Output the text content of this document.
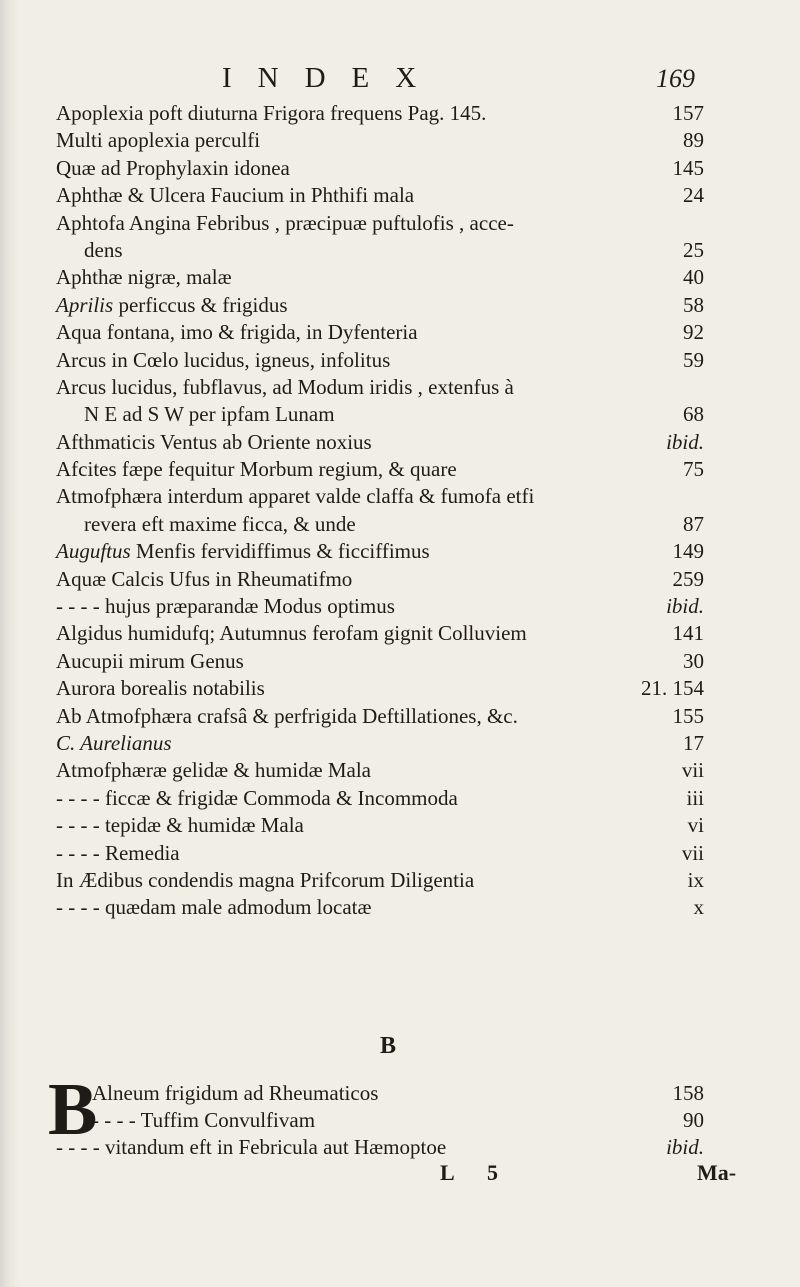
INDEX	169
Apoplexia poft diuturna Frigora frequens Pag. 145.	157
Multi apoplexia perculfi	89
Quæ ad Prophylaxin idonea	145
Aphthæ & Ulcera Faucium in Phthifi mala	24
Aphtofa Angina Febribus , præcipuæ puftulofis , acce-
dens	25
Aphthæ nigræ, malæ	40
Aprilis perficcus & frigidus	58
Aqua fontana, imo & frigida, in Dyfenteria	92
Arcus in Cœlo lucidus, igneus, infolitus	59
Arcus lucidus, fubflavus, ad Modum iridis , extenfus à
N E ad S W per ipfam Lunam	68
Afthmaticis Ventus ab Oriente noxius	ibid.
Afcites fæpe fequitur Morbum regium, & quare	75
Atmofphæra interdum apparet valde claffa & fumofa etfi
revera eft maxime ficca, & unde	87
Auguftus Menfis fervidiffimus & ficciffimus	149
Aquæ Calcis Ufus in Rheumatifmo	259
- - - - hujus præparandæ Modus optimus	ibid.
Algidus humidufq; Autumnus ferofam gignit Colluviem	141
Aucupii mirum Genus	30
Aurora borealis notabilis	21. 154
Ab Atmofphæra crafsâ & perfrigida Deftillationes, &c.	155
C. Aurelianus	17
Atmofphæræ gelidæ & humidæ Mala	vii
- - - - ficcæ & frigidæ Commoda & Incommoda	iii
- - - - tepidæ & humidæ Mala	vi
- - - - Remedia	vii
In Ædibus condendis magna Prifcorum Diligentia	ix
- - - - quædam male admodum locatæ	x
B
B
Alneum frigidum ad Rheumaticos	158
- - - - Tuffim Convulfivam	90
- - - - vitandum eft in Febricula aut Hæmoptoe	ibid.
L 5	Ma-
